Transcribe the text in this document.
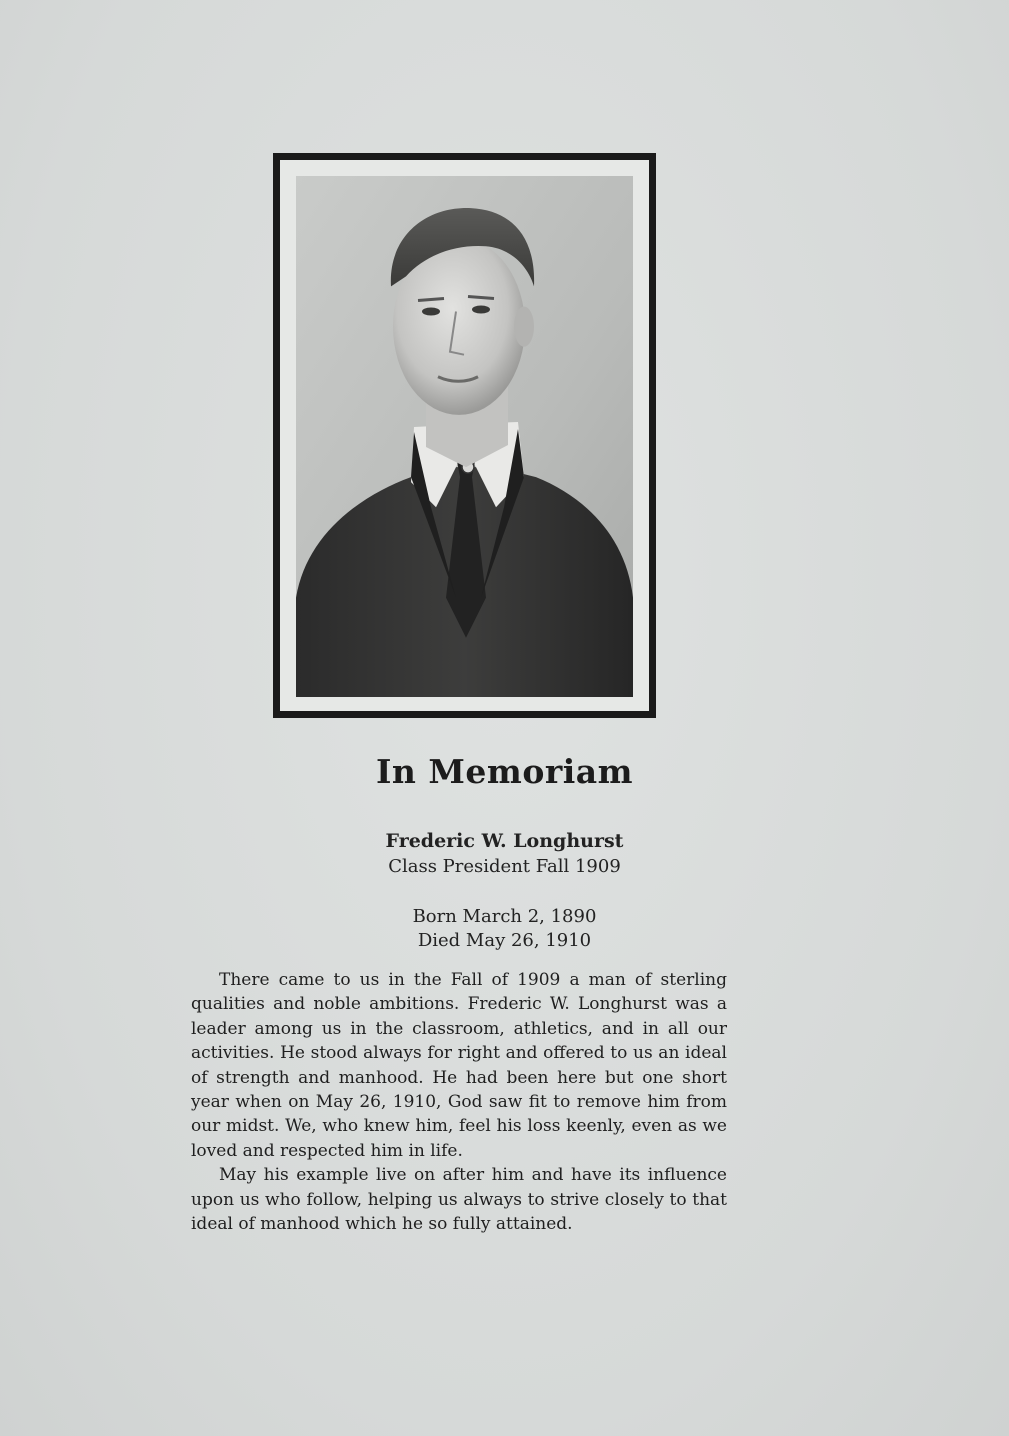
In Memoriam
Frederic W. Longhurst
Class President Fall 1909
Born March 2, 1890
Died May 26, 1910

There came to us in the Fall of 1909 a man of sterling qualities and noble ambitions. Frederic W. Longhurst was a leader among us in the classroom, athletics, and in all our activities. He stood always for right and offered to us an ideal of strength and manhood. He had been here but one short year when on May 26, 1910, God saw fit to remove him from our midst. We, who knew him, feel his loss keenly, even as we loved and respected him in life.

May his example live on after him and have its influence upon us who follow, helping us always to strive closely to that ideal of manhood which he so fully attained.
